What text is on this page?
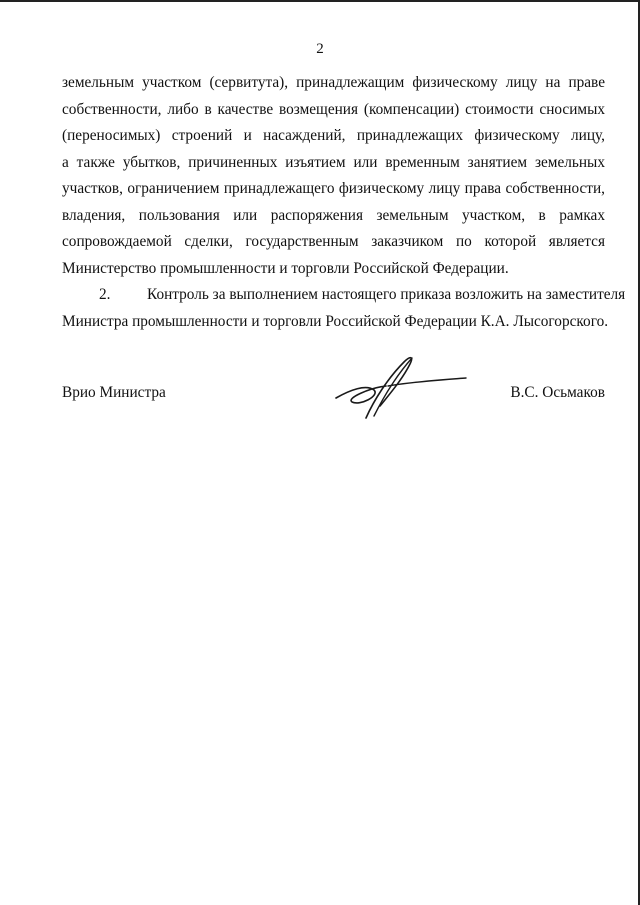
2
земельным участком (сервитута), принадлежащим физическому лицу на праве
собственности, либо в качестве возмещения (компенсации) стоимости сносимых
(переносимых) строений и насаждений, принадлежащих физическому лицу,
а также убытков, причиненных изъятием или временным занятием земельных
участков, ограничением принадлежащего физическому лицу права собственности,
владения, пользования или распоряжения земельным участком, в рамках
сопровождаемой сделки, государственным заказчиком по которой является
Министерство промышленности и торговли Российской Федерации.
2. Контроль за выполнением настоящего приказа возложить на заместителя
Министра промышленности и торговли Российской Федерации К.А. Лысогорского.
Врио Министра	В.С. Осьмаков
